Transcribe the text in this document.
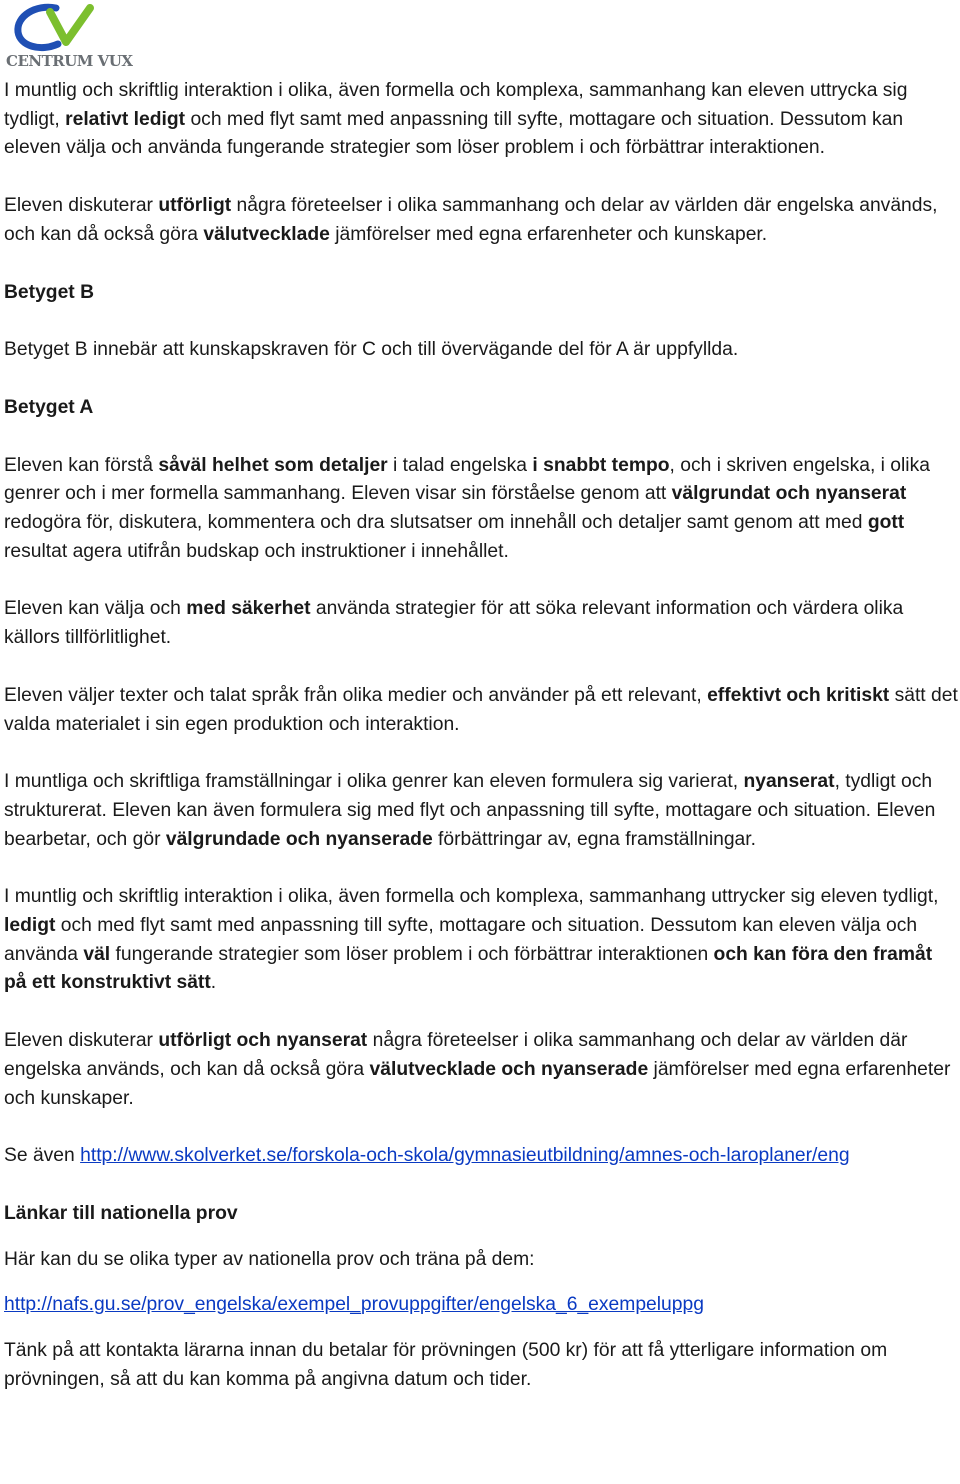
CENTRUM VUX

I muntlig och skriftlig interaktion i olika, även formella och komplexa, sammanhang kan eleven uttrycka sig tydligt, relativt ledigt och med flyt samt med anpassning till syfte, mottagare och situation. Dessutom kan eleven välja och använda fungerande strategier som löser problem i och förbättrar interaktionen.

Eleven diskuterar utförligt några företeelser i olika sammanhang och delar av världen där engelska används, och kan då också göra välutvecklade jämförelser med egna erfarenheter och kunskaper.

Betyget B

Betyget B innebär att kunskapskraven för C och till övervägande del för A är uppfyllda.

Betyget A

Eleven kan förstå såväl helhet som detaljer i talad engelska i snabbt tempo, och i skriven engelska, i olika genrer och i mer formella sammanhang. Eleven visar sin förståelse genom att välgrundat och nyanserat redogöra för, diskutera, kommentera och dra slutsatser om innehåll och detaljer samt genom att med gott resultat agera utifrån budskap och instruktioner i innehållet.

Eleven kan välja och med säkerhet använda strategier för att söka relevant information och värdera olika källors tillförlitlighet.

Eleven väljer texter och talat språk från olika medier och använder på ett relevant, effektivt och kritiskt sätt det valda materialet i sin egen produktion och interaktion.

I muntliga och skriftliga framställningar i olika genrer kan eleven formulera sig varierat, nyanserat, tydligt och strukturerat. Eleven kan även formulera sig med flyt och anpassning till syfte, mottagare och situation. Eleven bearbetar, och gör välgrundade och nyanserade förbättringar av, egna framställningar.

I muntlig och skriftlig interaktion i olika, även formella och komplexa, sammanhang uttrycker sig eleven tydligt, ledigt och med flyt samt med anpassning till syfte, mottagare och situation. Dessutom kan eleven välja och använda väl fungerande strategier som löser problem i och förbättrar interaktionen och kan föra den framåt på ett konstruktivt sätt.

Eleven diskuterar utförligt och nyanserat några företeelser i olika sammanhang och delar av världen där engelska används, och kan då också göra välutvecklade och nyanserade jämförelser med egna erfarenheter och kunskaper.

Se även http://www.skolverket.se/forskola-och-skola/gymnasieutbildning/amnes-och-laroplaner/eng

Länkar till nationella prov

Här kan du se olika typer av nationella prov och träna på dem:

http://nafs.gu.se/prov_engelska/exempel_provuppgifter/engelska_6_exempeluppg

Tänk på att kontakta lärarna innan du betalar för prövningen (500 kr) för att få ytterligare information om prövningen, så att du kan komma på angivna datum och tider.
